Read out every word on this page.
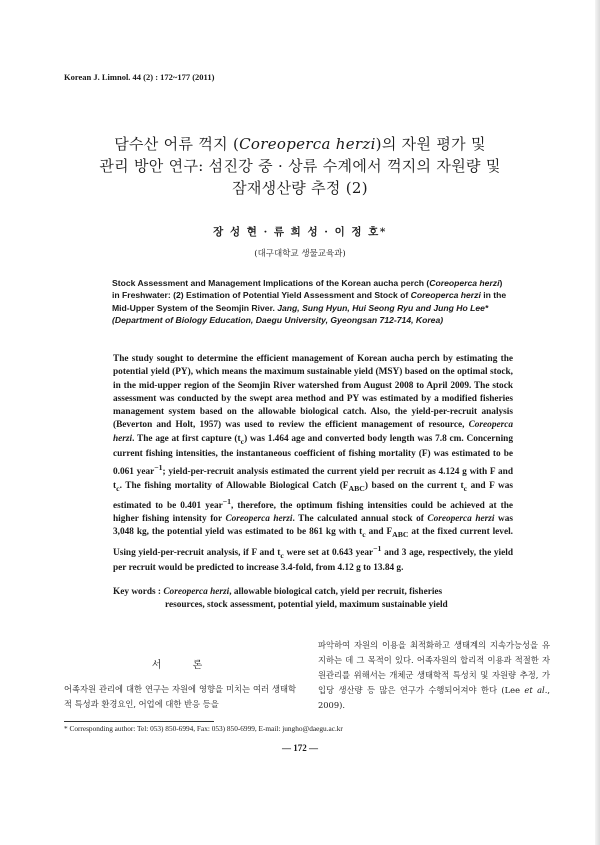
Korean J. Limnol. 44 (2) : 172~177 (2011)
담수산 어류 꺽지 (Coreoperca herzi)의 자원 평가 및
관리 방안 연구: 섬진강 중 · 상류 수계에서 꺽지의 자원량 및
잠재생산량 추정 (2)
장 성 현 · 류 희 성 · 이 정 호*
(대구대학교 생물교육과)
Stock Assessment and Management Implications of the Korean aucha perch (Coreoperca herzi) in Freshwater: (2) Estimation of Potential Yield Assessment and Stock of Coreoperca herzi in the Mid-Upper System of the Seomjin River. Jang, Sung Hyun, Hui Seong Ryu and Jung Ho Lee*(Department of Biology Education, Daegu University, Gyeongsan 712-714, Korea)
The study sought to determine the efficient management of Korean aucha perch by estimating the potential yield (PY), which means the maximum sustainable yield (MSY) based on the optimal stock, in the mid-upper region of the Seomjin River watershed from August 2008 to April 2009. The stock assessment was conducted by the swept area method and PY was estimated by a modified fisheries management system based on the allowable biological catch. Also, the yield-per-recruit analysis (Beverton and Holt, 1957) was used to review the efficient management of resource, Coreoperca herzi. The age at first capture $(t_c)$ was 1.464 age and converted body length was 7.8 cm. Concerning current fishing intensities, the instantaneous coefficient of fishing mortality (F) was estimated to be 0.061 year$^{-1}$; yield-per-recruit analysis estimated the current yield per recruit as 4.124 g with F and $t_c$. The fishing mortality of Allowable Biological Catch $(F_{ABC})$ based on the current $t_c$ and F was estimated to be 0.401 year$^{-1}$, therefore, the optimum fishing intensities could be achieved at the higher fishing intensity for Coreoperca herzi. The calculated annual stock of Coreoperca herzi was 3,048 kg, the potential yield was estimated to be 861 kg with $t_c$ and $F_{ABC}$ at the fixed current level. Using yield-per-recruit analysis, if F and $t_c$ were set at 0.643 year$^{-1}$ and 3 age, respectively, the yield per recruit would be predicted to increase 3.4-fold, from 4.12 g to 13.84 g.
Key words : Coreoperca herzi, allowable biological catch, yield per recruit, fisheries
resources, stock assessment, potential yield, maximum sustainable yield
서 론
어족자원 관리에 대한 연구는 자원에 영향을 미치는 여러 생태학적 특성과 환경요인, 어업에 대한 반응 등을
파악하여 자원의 이용을 최적화하고 생태계의 지속가능성을 유지하는 데 그 목적이 있다. 어족자원의 합리적 이용과 적절한 자원관리를 위해서는 개체군 생태학적 특성치 및 자원량 추정, 가입당 생산량 등 많은 연구가 수행되어져야 한다 (Lee et al., 2009).
* Corresponding author: Tel: 053) 850-6994, Fax: 053) 850-6999, E-mail: jungho@daegu.ac.kr
— 172 —
